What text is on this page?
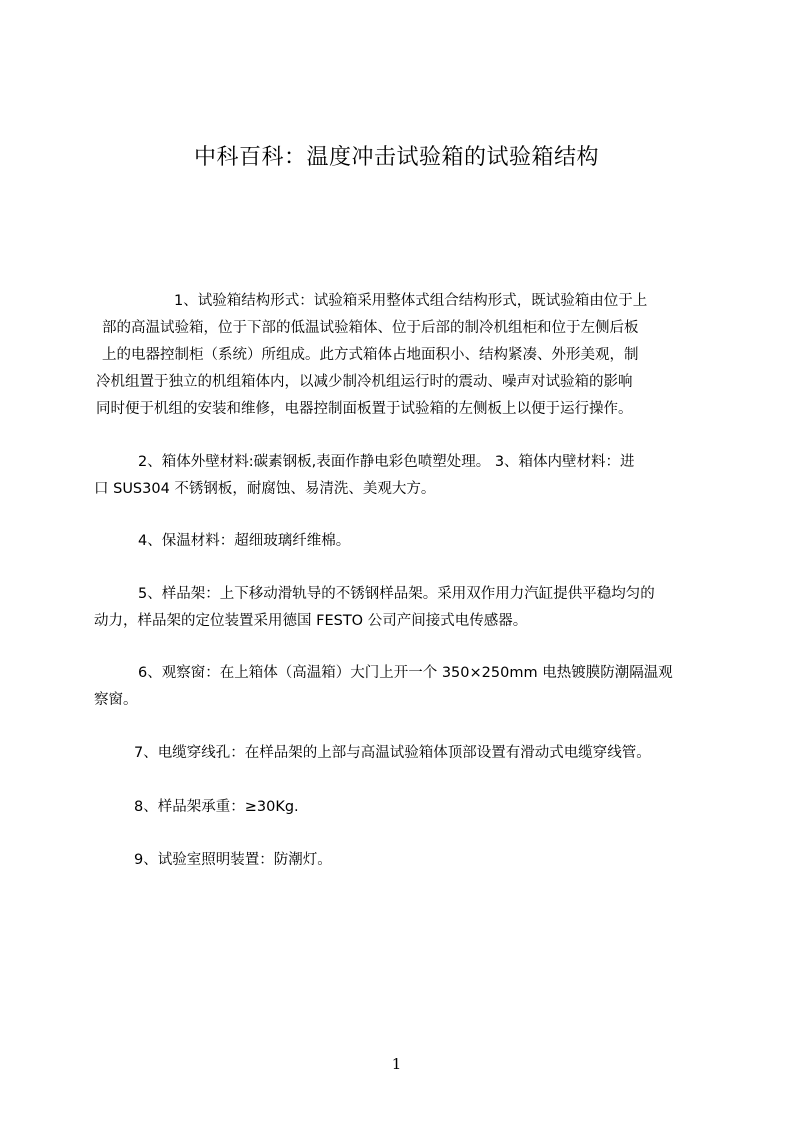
中科百科：温度冲击试验箱的试验箱结构
1、试验箱结构形式：试验箱采用整体式组合结构形式，既试验箱由位于上
部的高温试验箱，位于下部的低温试验箱体、位于后部的制冷机组柜和位于左侧后板
上的电器控制柜（系统）所组成。此方式箱体占地面积小、结构紧凑、外形美观，制
冷机组置于独立的机组箱体内，以减少制冷机组运行时的震动、噪声对试验箱的影响
同时便于机组的安装和维修，电器控制面板置于试验箱的左侧板上以便于运行操作。
2、箱体外壁材料:碳素钢板,表面作静电彩色喷塑处理。 3、箱体内壁材料：进
口 SUS304 不锈钢板，耐腐蚀、易清洗、美观大方。
4、保温材料：超细玻璃纤维棉。
5、样品架：上下移动滑轨导的不锈钢样品架。采用双作用力汽缸提供平稳均匀的
动力，样品架的定位装置采用德国 FESTO 公司产间接式电传感器。
6、观察窗：在上箱体（高温箱）大门上开一个 350×250mm 电热镀膜防潮隔温观
察窗。
7、电缆穿线孔：在样品架的上部与高温试验箱体顶部设置有滑动式电缆穿线管。
8、样品架承重：≥30Kg.
9、试验室照明装置：防潮灯。
1
